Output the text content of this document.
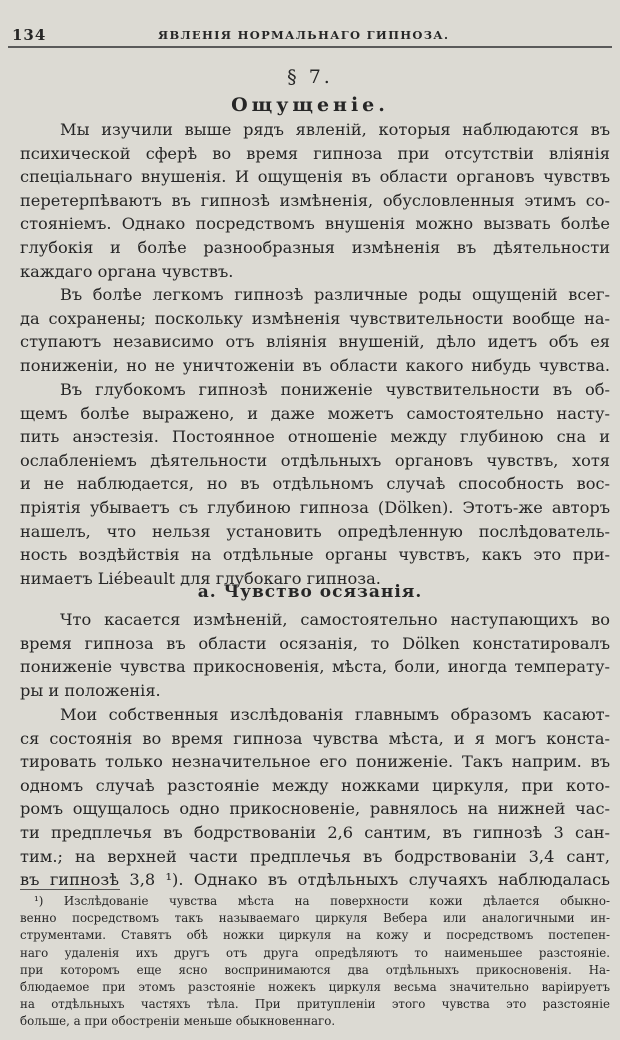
134	ЯВЛЕНІЯ НОРМАЛЬНАГО ГИПНОЗА.
§ 7.
Ощущеніе.
Мы изучили выше рядъ явленій, которыя наблюдаются въ
психической сферѣ во время гипноза при отсутствіи вліянія
спеціальнаго внушенія. И ощущенія въ области органовъ чувствъ
перетерпѣваютъ въ гипнозѣ измѣненія, обусловленныя этимъ со-
стояніемъ. Однако посредствомъ внушенія можно вызвать болѣе
глубокія и болѣе разнообразныя измѣненія въ дѣятельности
каждаго органа чувствъ.
Въ болѣе легкомъ гипнозѣ различные роды ощущеній всег-
да сохранены; поскольку измѣненія чувствительности вообще на-
ступаютъ независимо отъ вліянія внушеній, дѣло идетъ объ ея
пониженіи, но не уничтоженіи въ области какого нибудь чувства.
Въ глубокомъ гипнозѣ пониженіе чувствительности въ об-
щемъ болѣе выражено, и даже можетъ самостоятельно насту-
пить анэстезія. Постоянное отношеніе между глубиною сна и
ослабленіемъ дѣятельности отдѣльныхъ органовъ чувствъ, хотя
и не наблюдается, но въ отдѣльномъ случаѣ способность вос-
пріятія убываетъ съ глубиною гипноза (Dölken). Этотъ-же авторъ
нашелъ, что нельзя установить опредѣленную послѣдователь-
ность воздѣйствія на отдѣльные органы чувствъ, какъ это при-
нимаетъ Liébeault для глубокаго гипноза.
а. Чувство осязанія.
Что касается измѣненій, самостоятельно наступающихъ во
время гипноза въ области осязанія, то Dölken констатировалъ
пониженіе чувства прикосновенія, мѣста, боли, иногда температу-
ры и положенія.
Мои собственныя изслѣдованія главнымъ образомъ касают-
ся состоянія во время гипноза чувства мѣста, и я могъ конста-
тировать только незначительное его пониженіе. Такъ наприм. въ
одномъ случаѣ разстояніе между ножками циркуля, при кото-
ромъ ощущалось одно прикосновеніе, равнялось на нижней час-
ти предплечья въ бодрствованіи 2,6 сантим, въ гипнозѣ 3 сан-
тим.; на верхней части предплечья въ бодрствованіи 3,4 сант,
въ гипнозѣ 3,8 ¹). Однако въ отдѣльныхъ случаяхъ наблюдалась
¹) Изслѣдованіе чувства мѣста на поверхности кожи дѣлается обыкно-
венно посредствомъ такъ называемаго циркуля Вебера или аналогичными ин-
струментами. Ставятъ обѣ ножки циркуля на кожу и посредствомъ постепен-
наго удаленія ихъ другъ отъ друга опредѣляютъ то наименьшее разстояніе.
при которомъ еще ясно воспринимаются два отдѣльныхъ прикосновенія. На-
блюдаемое при этомъ разстояніе ножекъ циркуля весьма значительно варіируетъ
на отдѣльныхъ частяхъ тѣла. При притупленіи этого чувства это разстояніе
больше, а при обостреніи меньше обыкновеннаго.
